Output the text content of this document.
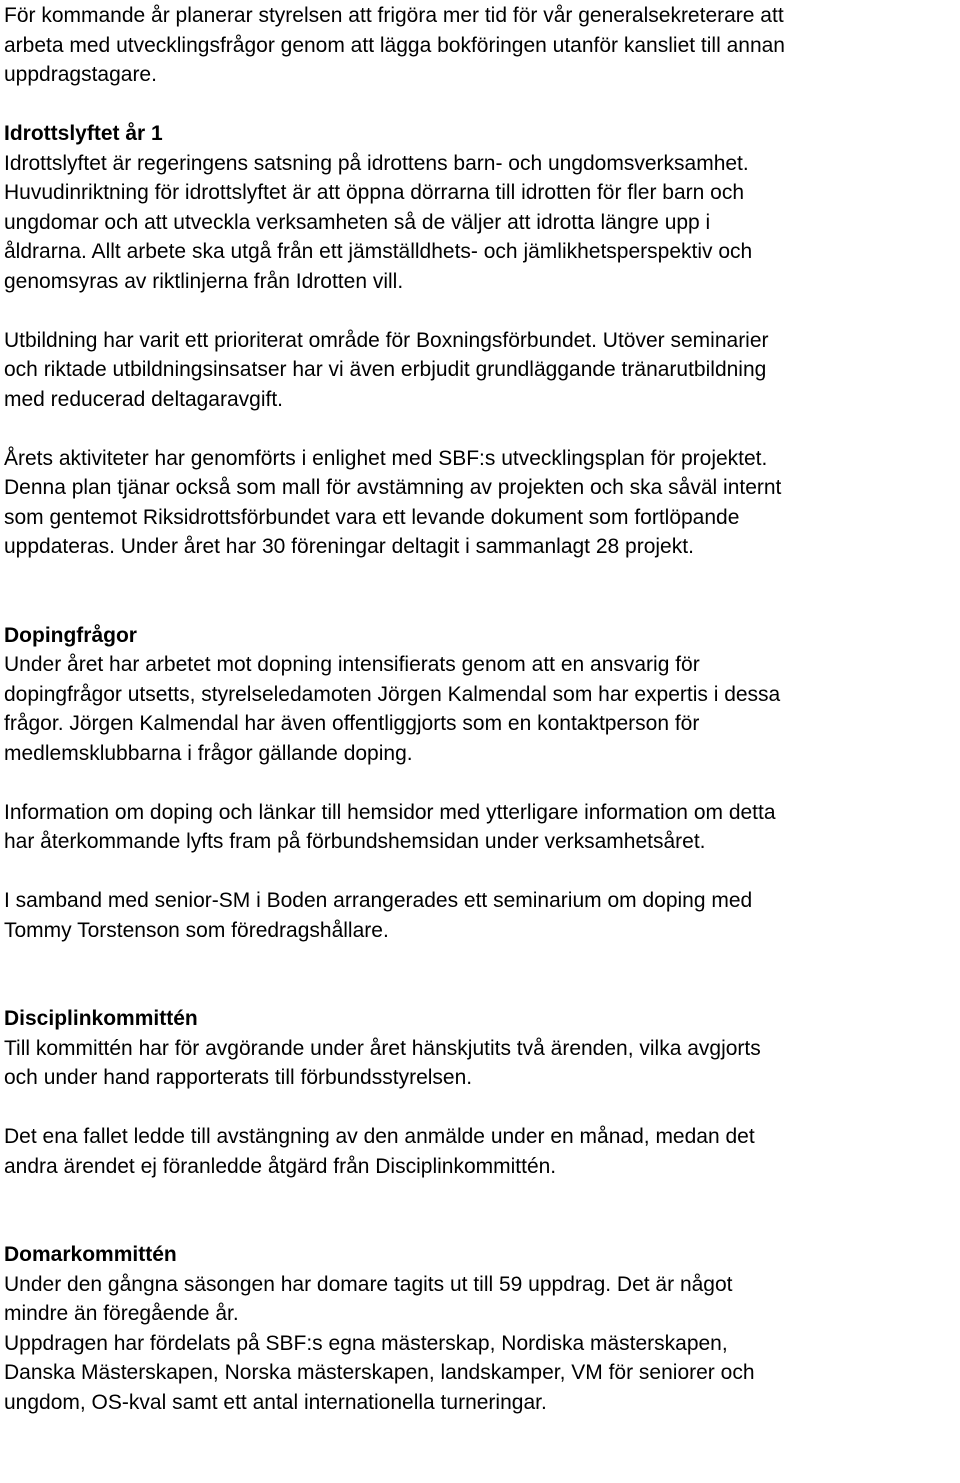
För kommande år planerar styrelsen att frigöra mer tid för vår generalsekreterare att
arbeta med utvecklingsfrågor genom att lägga bokföringen utanför kansliet till annan
uppdragstagare.

Idrottslyftet år 1
Idrottslyftet är regeringens satsning på idrottens barn- och ungdomsverksamhet.

Huvudinriktning för idrottslyftet är att öppna dörrarna till idrotten för fler barn och
ungdomar och att utveckla verksamheten så de väljer att idrotta längre upp i
åldrarna. Allt arbete ska utgå från ett jämställdhets- och jämlikhetsperspektiv och
genomsyras av riktlinjerna från Idrotten vill.

Utbildning har varit ett prioriterat område för Boxningsförbundet. Utöver seminarier
och riktade utbildningsinsatser har vi även erbjudit grundläggande tränarutbildning
med reducerad deltagaravgift.

Årets aktiviteter har genomförts i enlighet med SBF:s utvecklingsplan för projektet.
Denna plan tjänar också som mall för avstämning av projekten och ska såväl internt
som gentemot Riksidrottsförbundet vara ett levande dokument som fortlöpande
uppdateras. Under året har 30 föreningar deltagit i sammanlagt 28 projekt.

Dopingfrågor
Under året har arbetet mot dopning intensifierats genom att en ansvarig för
dopingfrågor utsetts, styrelseledamoten Jörgen Kalmendal som har expertis i dessa
frågor. Jörgen Kalmendal har även offentliggjorts som en kontaktperson för
medlemsklubbarna i frågor gällande doping.

Information om doping och länkar till hemsidor med ytterligare information om detta
har återkommande lyfts fram på förbundshemsidan under verksamhetsåret.

I samband med senior-SM i Boden arrangerades ett seminarium om doping med
Tommy Torstenson som föredragshållare.

Disciplinkommittén
Till kommittén har för avgörande under året hänskjutits två ärenden, vilka avgjorts
och under hand rapporterats till förbundsstyrelsen.

Det ena fallet ledde till avstängning av den anmälde under en månad, medan det
andra ärendet ej föranledde åtgärd från Disciplinkommittén.

Domarkommittén
Under den gångna säsongen har domare tagits ut till 59 uppdrag. Det är något
mindre än föregående år.
Uppdragen har fördelats på SBF:s egna mästerskap, Nordiska mästerskapen,
Danska Mästerskapen, Norska mästerskapen, landskamper, VM för seniorer och
ungdom, OS-kval samt ett antal internationella turneringar.
